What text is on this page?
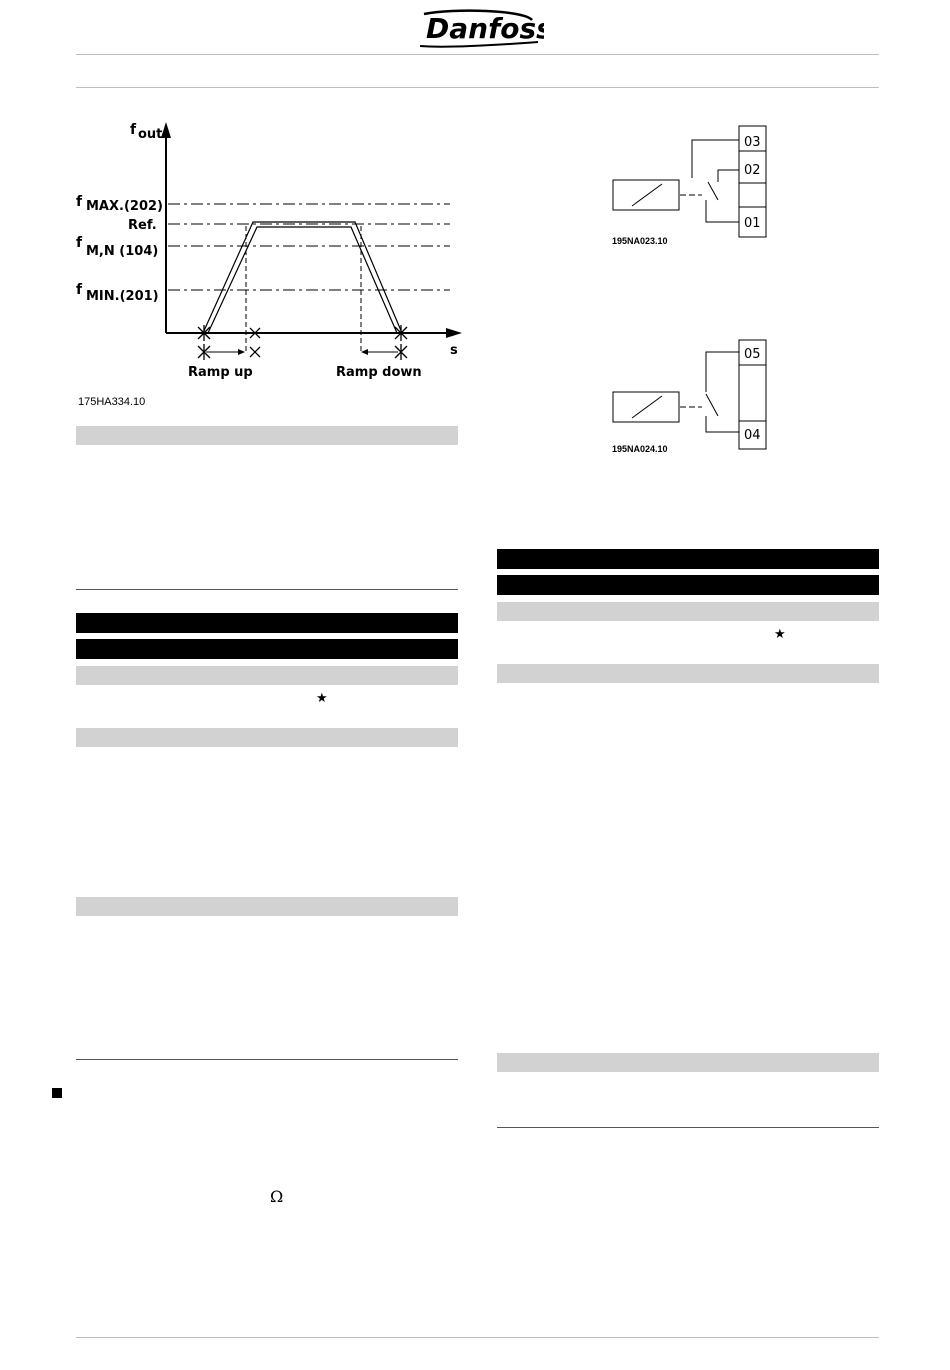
Danfoss
f out
s
f MAX.(202)
Ref.
f
M,N (104)
f MIN.(201)
Ramp up	Ramp down
175HA334.10
03
02
01
195NA023.10
05
04
195NA024.10
★
Ω
★
